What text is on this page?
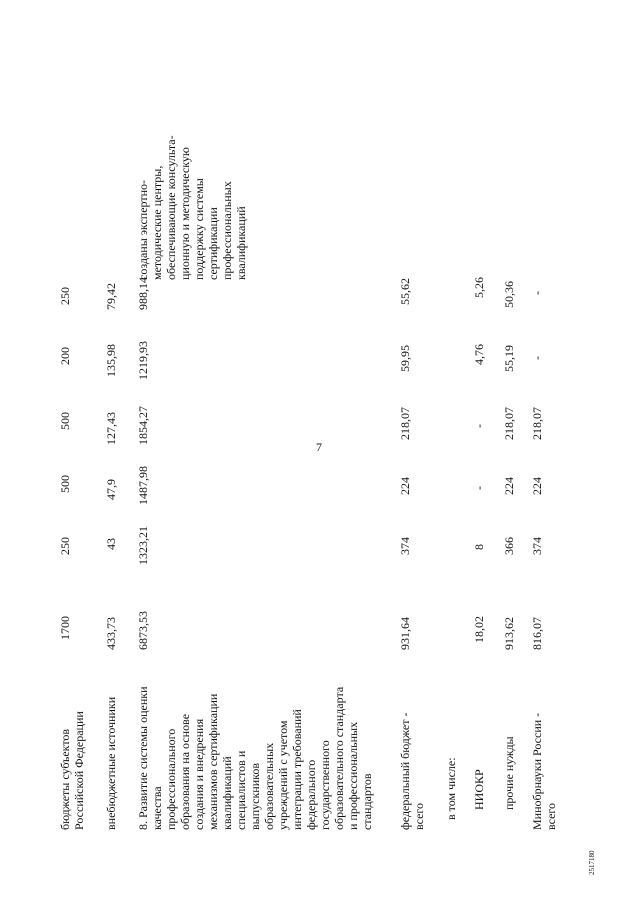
7
бюджеты субъектов Российской Федерации
1700
250
500
500
200
250
внебюджетные источники
433,73
43
47,9
127,43
135,98
79,42
8. Развитие системы оценки качества профессионального образования на основе создания и внедрения механизмов сертификации квалификаций специалистов и выпускников образовательных учреждений с учетом интеграции требований федерального государственного образовательного стандарта и профессиональных стандартов
6873,53
1323,21
1487,98
1854,27
1219,93
988,14
созданы экспертно- методические центры, обеспечивающие консульта- ционную и методическую поддержку системы сертификации профессиональных квалификаций
федеральный бюджет - всего
931,64
374
224
218,07
59,95
55,62
в том числе: НИОКР
18,02
8
-
-
4,76
5,26
прочие нужды
913,62
366
224
218,07
55,19
50,36
Минобрнауки России - всего
816,07
374
224
218,07
-
-
2517180
